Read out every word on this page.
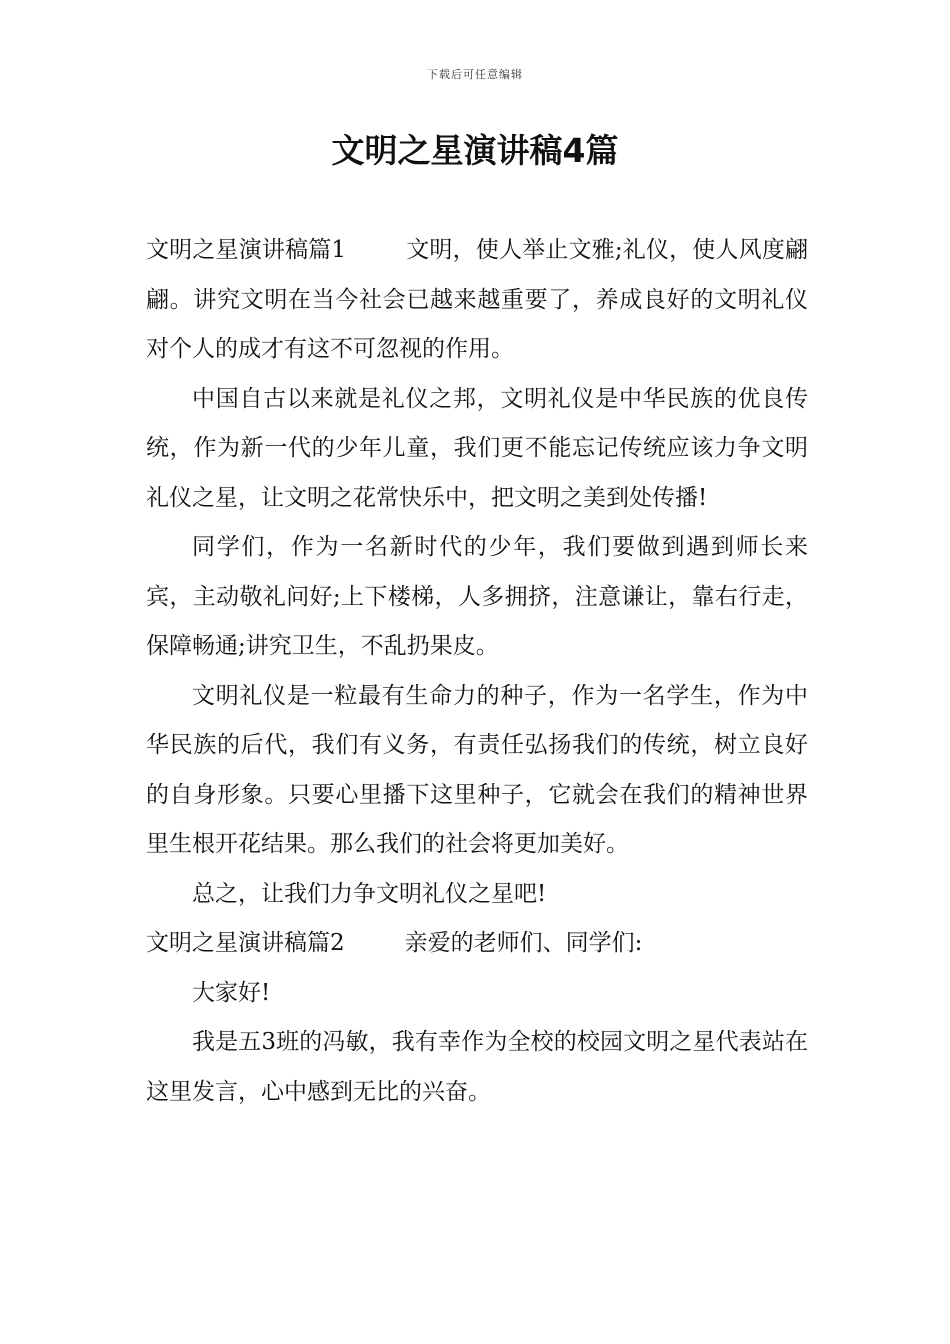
下载后可任意编辑
文明之星演讲稿4篇

文明之星演讲稿篇1	文明，使人举止文雅;礼仪，使人风度翩翩。讲究文明在当今社会已越来越重要了，养成良好的文明礼仪对个人的成才有这不可忽视的作用。

中国自古以来就是礼仪之邦，文明礼仪是中华民族的优良传统，作为新一代的少年儿童，我们更不能忘记传统应该力争文明礼仪之星，让文明之花常快乐中，把文明之美到处传播!

同学们，作为一名新时代的少年，我们要做到遇到师长来宾，主动敬礼问好;上下楼梯，人多拥挤，注意谦让，靠右行走，保障畅通;讲究卫生，不乱扔果皮。

文明礼仪是一粒最有生命力的种子，作为一名学生，作为中华民族的后代，我们有义务，有责任弘扬我们的传统，树立良好的自身形象。只要心里播下这里种子，它就会在我们的精神世界里生根开花结果。那么我们的社会将更加美好。

总之，让我们力争文明礼仪之星吧!

文明之星演讲稿篇2	亲爱的老师们、同学们:

大家好!

我是五3班的冯敏，我有幸作为全校的校园文明之星代表站在这里发言，心中感到无比的兴奋。
